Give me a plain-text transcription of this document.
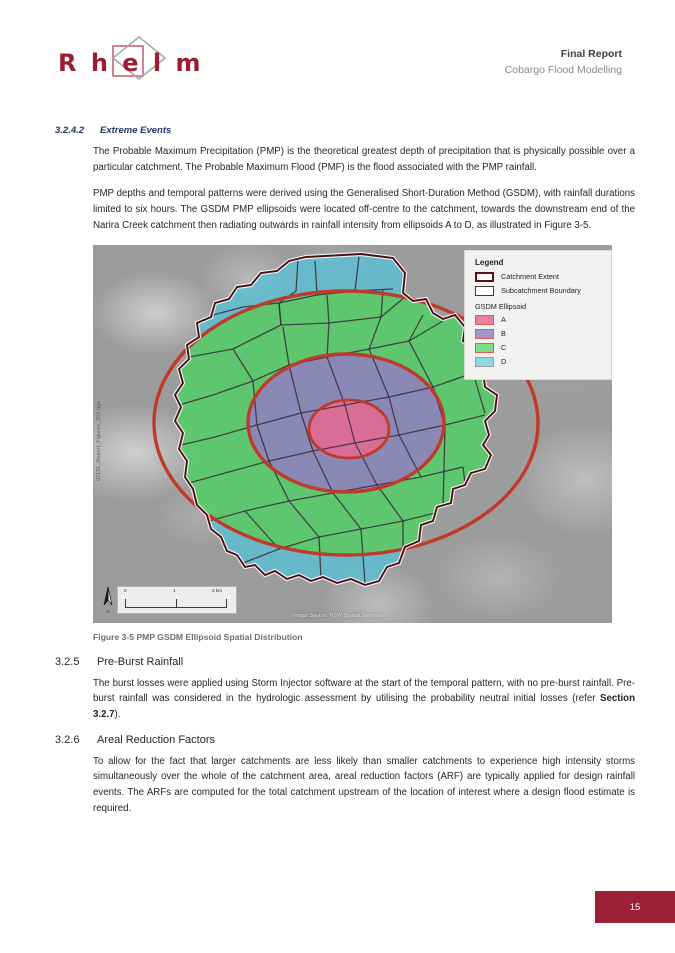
R h e l m	Final Report
Cobargo Flood Modelling
3.2.4.2	Extreme Events

The Probable Maximum Precipitation (PMP) is the theoretical greatest depth of precipitation that is physically possible over a particular catchment. The Probable Maximum Flood (PMF) is the flood associated with the PMP rainfall.

PMP depths and temporal patterns were derived using the Generalised Short-Duration Method (GSDM), with rainfall durations limited to six hours. The GSDM PMP ellipsoids were located off-centre to the catchment, towards the downstream end of the Narira Creek catchment then radiating outwards in rainfall intensity from ellipsoids A to D, as illustrated in Figure 3-5.

d2131_Report_Figures_002.qgz
Image Source: NSW Spatial Services
N
0	1	2 km
Legend
Catchment Extent
Subcatchment Boundary
GSDM Ellipsoid
A
B
C
D
Figure 3-5 PMP GSDM Ellipsoid Spatial Distribution
3.2.5	Pre-Burst Rainfall

The burst losses were applied using Storm Injector software at the start of the temporal pattern, with no pre-burst rainfall. Pre-burst rainfall was considered in the hydrologic assessment by utilising the probability neutral initial losses (refer Section 3.2.7).

3.2.6	Areal Reduction Factors

To allow for the fact that larger catchments are less likely than smaller catchments to experience high intensity storms simultaneously over the whole of the catchment area, areal reduction factors (ARF) are typically applied for design rainfall events. The ARFs are computed for the total catchment upstream of the location of interest where a design flood estimate is required.

15
